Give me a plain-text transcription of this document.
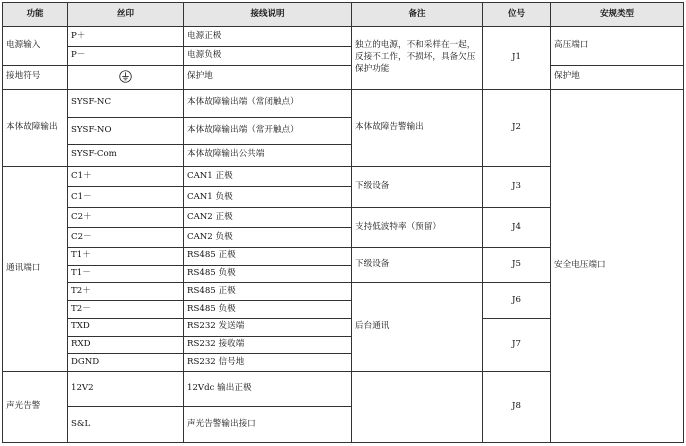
功能	丝印	接线说明	备注	位号	安规类型
电源输入	P＋	电源正极	独立的电源，不和采样在一起，反接不工作，不损坏，具备欠压保护功能	J1	高压端口
	P－	电源负极			
接地符号		保护地			保护地
本体故障输出	SYSF-NC	本体故障输出端（常闭触点）	本体故障告警输出	J2	安全电压端口
	SYSF-NO	本体故障输出端（常开触点）			
	SYSF-Com	本体故障输出公共端			
通讯端口	C1＋	CAN1 正极	下级设备	J3	
	C1－	CAN1 负极			
	C2＋	CAN2 正极	支持低波特率（预留）	J4	
	C2－	CAN2 负极			
	T1＋	RS485 正极	下级设备	J5	
	T1－	RS485 负极			
	T2＋	RS485 正极	后台通讯	J6	
	T2－	RS485 负极			
	TXD	RS232 发送端		J7	
	RXD	RS232 接收端			
	DGND	RS232 信号地			
声光告警	12V2	12Vdc 输出正极		J8	
	S&L	声光告警输出接口			
